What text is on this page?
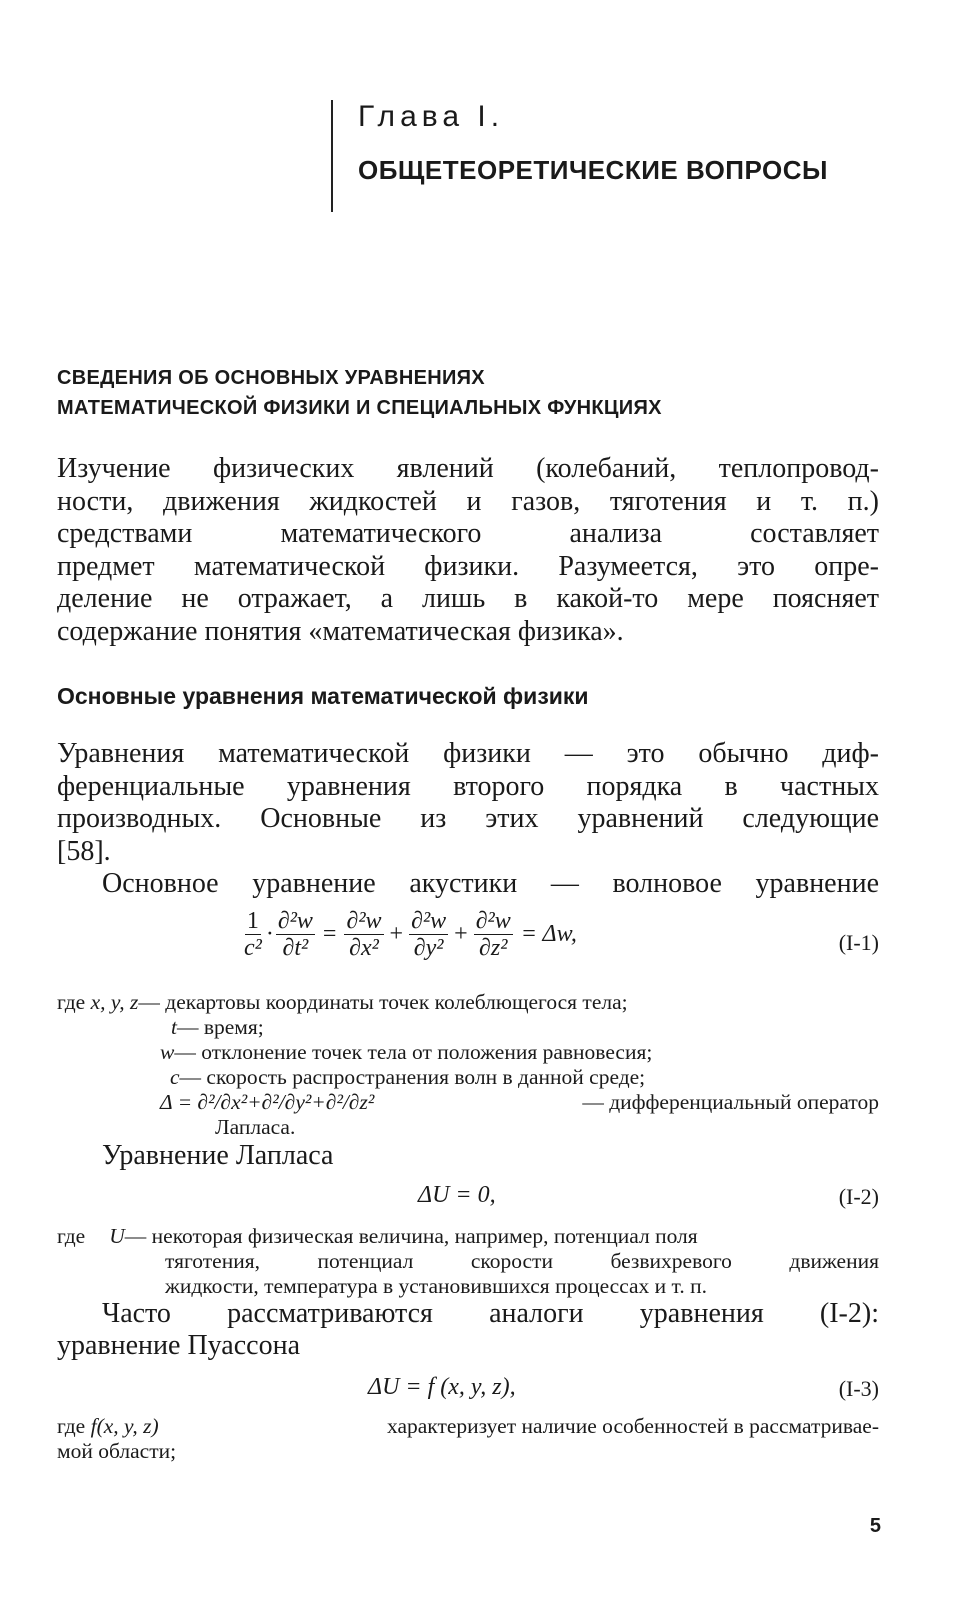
Глава I.
ОБЩЕТЕОРЕТИЧЕСКИЕ ВОПРОСЫ
СВЕДЕНИЯ ОБ ОСНОВНЫХ УРАВНЕНИЯХ
МАТЕМАТИЧЕСКОЙ ФИЗИКИ И СПЕЦИАЛЬНЫХ ФУНКЦИЯХ
Изучение физических явлений (колебаний, теплопровод-
ности, движения жидкостей и газов, тяготения и т. п.)
средствами математического анализа составляет
предмет математической физики. Разумеется, это опре-
деление не отражает, а лишь в какой-то мере поясняет
содержание понятия «математическая физика».
Основные уравнения математической физики
Уравнения математической физики — это обычно диф-
ференциальные уравнения второго порядка в частных
производных. Основные из этих уравнений следующие
[58].
Основное уравнение акустики — волновое уравнение
$\frac{1}{\text{c²}} \cdot \frac{\text{∂²w}}{\text{∂t²}} = \frac{\text{∂²w}}{\text{∂x²}} + \frac{\text{∂²w}}{\text{∂y²}} + \frac{\text{∂²w}}{\text{∂z²}} = \Delta w$,	(I-1)
где x, y, z— декартовы координаты точек колеблющегося тела;
t— время;
w— отклонение точек тела от положения равновесия;
c— скорость распространения волн в данной среде;
Δ = ∂²/∂x²+∂²/∂y²+∂²/∂z²	— дифференциальный оператор
Лапласа.
Уравнение Лапласа
ΔU = 0,	(I-2)
где U — некоторая физическая величина, например, потенциал поля
тяготения, потенциал скорости безвихревого движения
жидкости, температура в установившихся процессах и т. п.
Часто рассматриваются аналоги уравнения (I-2):
уравнение Пуассона
ΔU = f (x, y, z),	(I-3)
где f(x, y, z)	характеризует наличие особенностей в рассматривае-
мой области;
5
